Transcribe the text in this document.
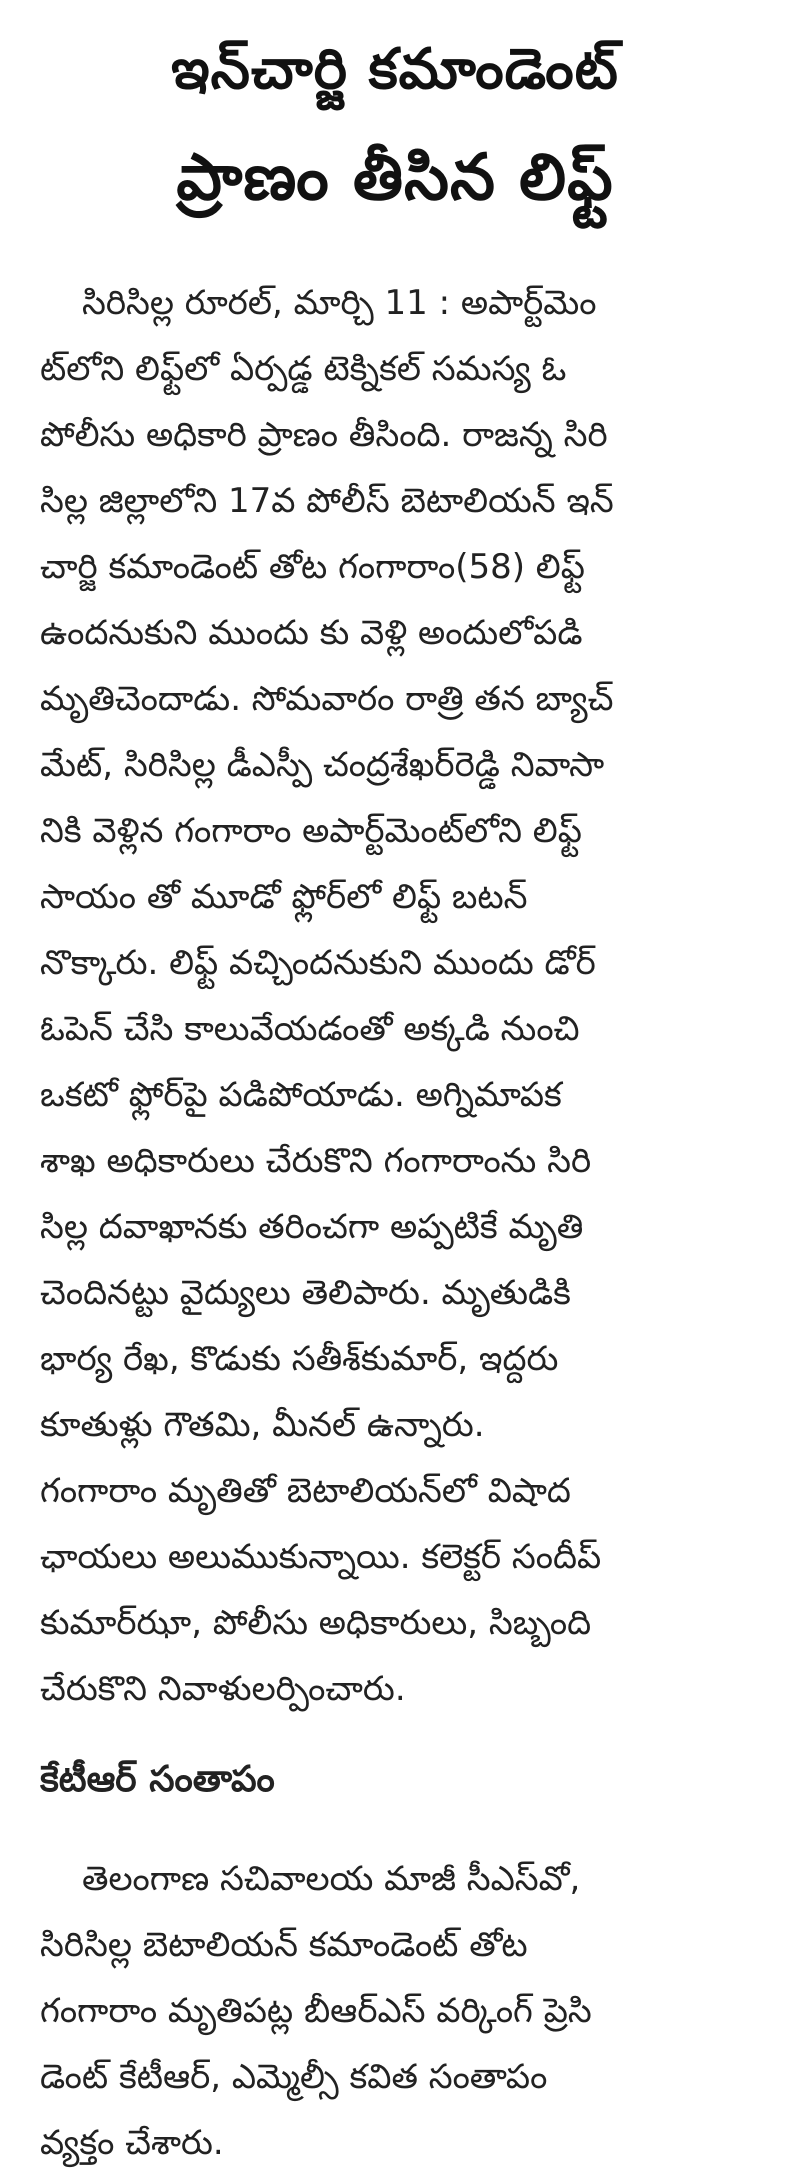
ఇన్‌చార్జి కమాండెంట్
ప్రాణం తీసిన లిఫ్ట్
సిరిసిల్ల రూరల్, మార్చి 11 : అపార్ట్‌మెం
ట్‌లోని లిఫ్ట్‌లో ఏర్పడ్డ టెక్నికల్ సమస్య ఓ
పోలీసు అధికారి ప్రాణం తీసింది. రాజన్న సిరి
సిల్ల జిల్లాలోని 17వ పోలీస్ బెటాలియన్ ఇన్
చార్జి కమాండెంట్ తోట గంగారాం(58) లిఫ్ట్
ఉందనుకుని ముందు కు వెళ్లి అందులోపడి
మృతిచెందాడు. సోమవారం రాత్రి తన బ్యాచ్
మేట్, సిరిసిల్ల డీఎస్పీ చంద్రశేఖర్‌రెడ్డి నివాసా
నికి వెళ్లిన గంగారాం అపార్ట్‌మెంట్‌లోని లిఫ్ట్
సాయం తో మూడో ఫ్లోర్‌లో లిఫ్ట్ బటన్
నొక్కారు. లిఫ్ట్ వచ్చిందనుకుని ముందు డోర్
ఓపెన్ చేసి కాలువేయడంతో అక్కడి నుంచి
ఒకటో ఫ్లోర్‌పై పడిపోయాడు. అగ్నిమాపక
శాఖ అధికారులు చేరుకొని గంగారాంను సిరి
సిల్ల దవాఖానకు తరించగా అప్పటికే మృతి
చెందినట్టు వైద్యులు తెలిపారు. మృతుడికి
భార్య రేఖ, కొడుకు సతీశ్‌కుమార్, ఇద్దరు
కూతుళ్లు గౌతమి, మీనల్ ఉన్నారు.
గంగారాం మృతితో బెటాలియన్‌లో విషాద
ఛాయలు అలుముకున్నాయి. కలెక్టర్ సందీప్
కుమార్‌ఝా, పోలీసు అధికారులు, సిబ్బంది
చేరుకొని నివాళులర్పించారు.
కేటీఆర్ సంతాపం
తెలంగాణ సచివాలయ మాజీ సీఎస్‌వో,
సిరిసిల్ల బెటాలియన్ కమాండెంట్ తోట
గంగారాం మృతిపట్ల బీఆర్‌ఎస్ వర్కింగ్ ప్రెసి
డెంట్ కేటీఆర్, ఎమ్మెల్సీ కవిత సంతాపం
వ్యక్తం చేశారు.
